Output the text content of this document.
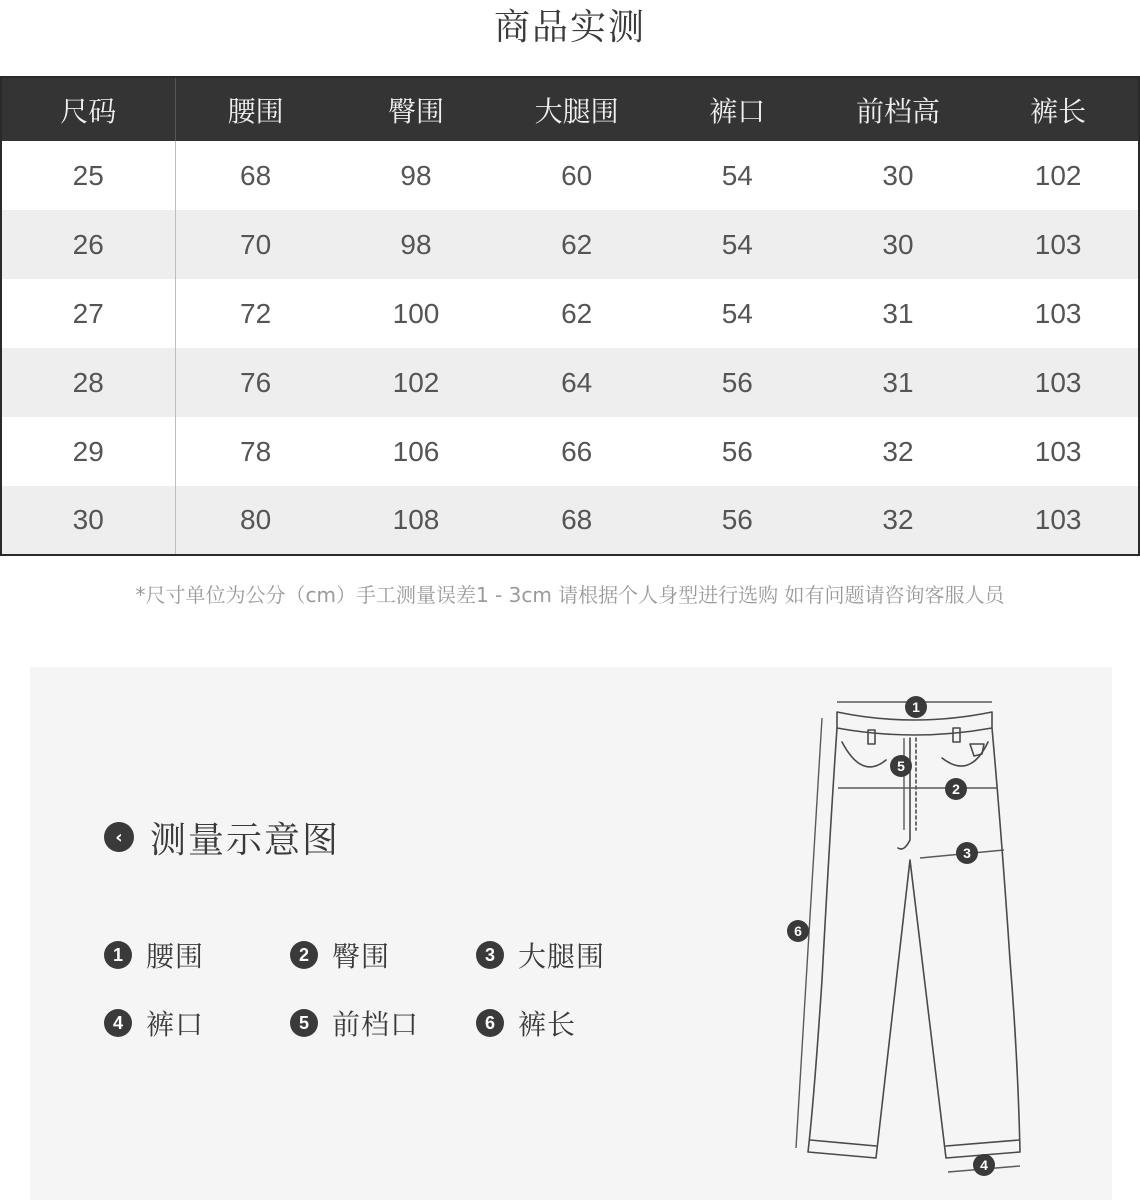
商品实测
尺码	腰围	臀围	大腿围	裤口	前档高	裤长
25	68	98	60	54	30	102
26	70	98	62	54	30	103
27	72	100	62	54	31	103
28	76	102	64	56	31	103
29	78	106	66	56	32	103
30	80	108	68	56	32	103
*尺寸单位为公分（cm）手工测量误差1 - 3cm 请根据个人身型进行选购 如有问题请咨询客服人员
‹ 测量示意图
1 腰围	2 臀围	3 大腿围
4 裤口	5 前档口	6 裤长
1
2
3
4
5
6
